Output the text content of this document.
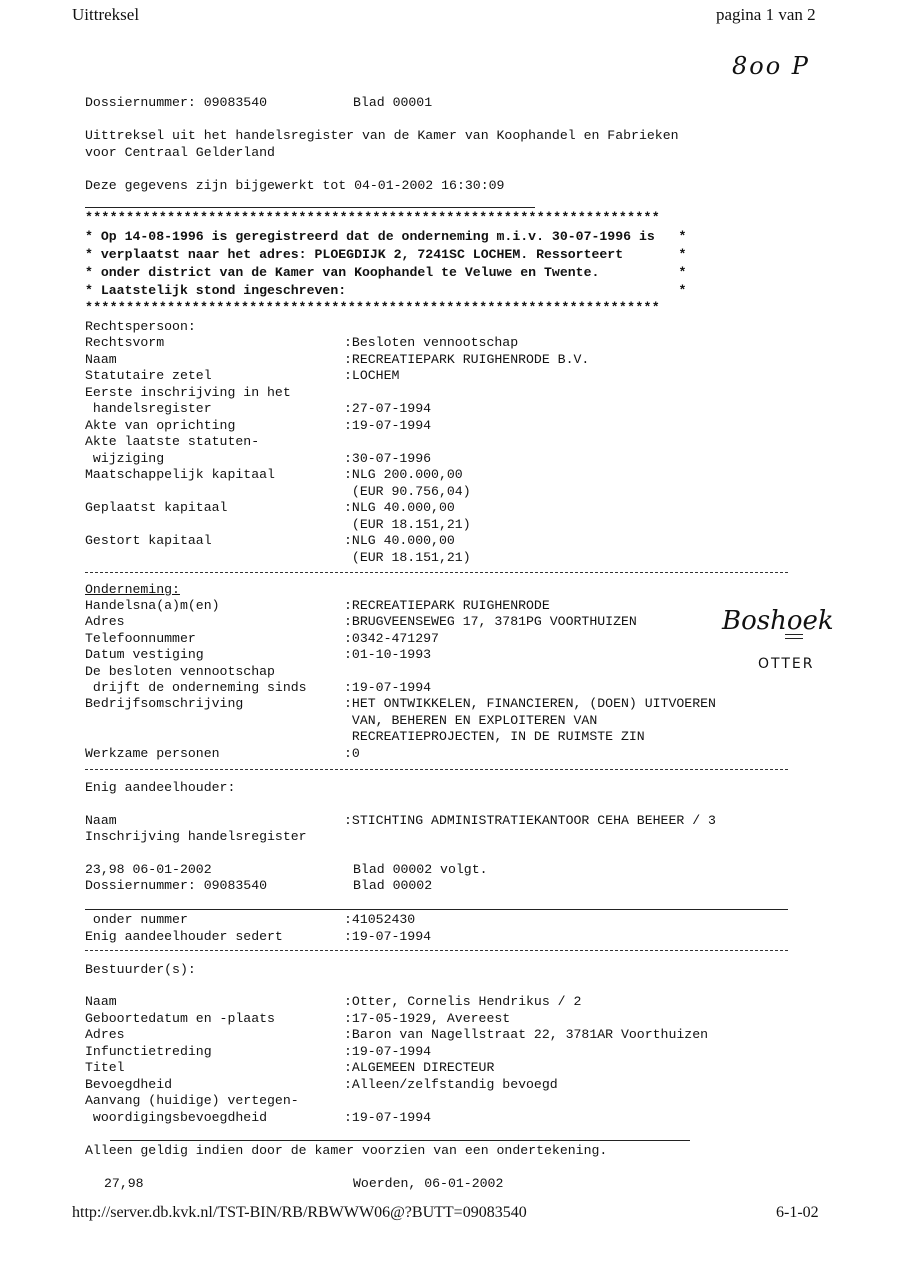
Uittreksel	pagina 1 van 2
8oo P
Boshoek
OTTER
Dossiernummer: 09083540	Blad 00001
Uittreksel uit het handelsregister van de Kamer van Koophandel en Fabrieken
voor Centraal Gelderland
Deze gegevens zijn bijgewerkt tot 04-01-2002 16:30:09
**********************************************************************
* Op 14-08-1996 is geregistreerd dat de onderneming m.i.v. 30-07-1996 is   *
* verplaatst naar het adres: PLOEGDIJK 2, 7241SC LOCHEM. Ressorteert       *
* onder district van de Kamer van Koophandel te Veluwe en Twente.          *
* Laatstelijk stond ingeschreven:                                          *
**********************************************************************
Rechtspersoon:
Rechtsvorm	:Besloten vennootschap
Naam	:RECREATIEPARK RUIGHENRODE B.V.
Statutaire zetel	:LOCHEM
Eerste inschrijving in het
handelsregister	:27-07-1994
Akte van oprichting	:19-07-1994
Akte laatste statuten-
wijziging	:30-07-1996
Maatschappelijk kapitaal	:NLG 200.000,00
(EUR 90.756,04)
Geplaatst kapitaal	:NLG 40.000,00
(EUR 18.151,21)
Gestort kapitaal	:NLG 40.000,00
(EUR 18.151,21)
Onderneming:
Handelsna(a)m(en)	:RECREATIEPARK RUIGHENRODE
Adres	:BRUGVEENSEWEG 17, 3781PG VOORTHUIZEN
Telefoonnummer	:0342-471297
Datum vestiging	:01-10-1993
De besloten vennootschap
drijft de onderneming sinds	:19-07-1994
Bedrijfsomschrijving	:HET ONTWIKKELEN, FINANCIEREN, (DOEN) UITVOEREN
VAN, BEHEREN EN EXPLOITEREN VAN
RECREATIEPROJECTEN, IN DE RUIMSTE ZIN
Werkzame personen	:0
Enig aandeelhouder:
Naam	:STICHTING ADMINISTRATIEKANTOOR CEHA BEHEER / 3
Inschrijving handelsregister
23,98 06-01-2002	Blad 00002 volgt.
Dossiernummer: 09083540	Blad 00002
onder nummer	:41052430
Enig aandeelhouder sedert	:19-07-1994
Bestuurder(s):
Naam	:Otter, Cornelis Hendrikus / 2
Geboortedatum en -plaats	:17-05-1929, Avereest
Adres	:Baron van Nagellstraat 22, 3781AR Voorthuizen
Infunctietreding	:19-07-1994
Titel	:ALGEMEEN DIRECTEUR
Bevoegdheid	:Alleen/zelfstandig bevoegd
Aanvang (huidige) vertegen-
woordigingsbevoegdheid	:19-07-1994
Alleen geldig indien door de kamer voorzien van een ondertekening.
27,98	Woerden, 06-01-2002
http://server.db.kvk.nl/TST-BIN/RB/RBWWW06@?BUTT=09083540	6-1-02
